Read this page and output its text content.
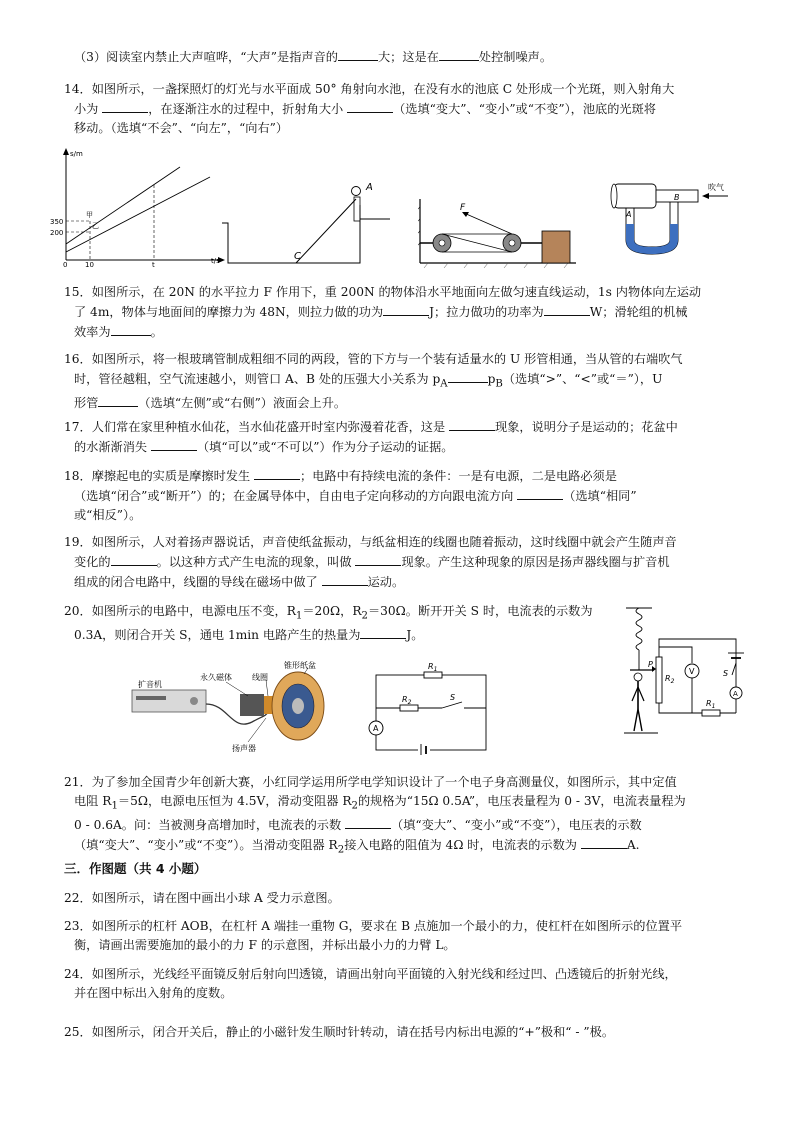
（3）阅读室内禁止大声喧哗，“大声”是指声音的	大；这是在	处控制噪声。
14．如图所示，一盏探照灯的灯光与水平面成 50° 角射向水池，在没有水的池底 C 处形成一个光斑，则入射角大
小为	，在逐渐注水的过程中，折射角大小	（选填“变大”、“变小”或“不变”），池底的光斑将
移动。（选填“不会”、“向左”，“向右”）
s/m
t/s
350
200
0	10	t
甲
乙
A
C
F
A
B
吹气
15．如图所示，在 20N 的水平拉力 F 作用下，重 200N 的物体沿水平地面向左做匀速直线运动，1s 内物体向左运动
了 4m，物体与地面间的摩擦力为 48N，则拉力做的功为	J；拉力做功的功率为	W；滑轮组的机械
效率为	。
16．如图所示，将一根玻璃管制成粗细不同的两段，管的下方与一个装有适量水的 U 形管相通，当从管的右端吹气
时，管径越粗，空气流速越小，则管口 A、B 处的压强大小关系为 $p_A$	$p_B$（选填“>”、“<”或“＝”），U
形管	（选填“左侧”或“右侧”）液面会上升。
17．人们常在家里种植水仙花，当水仙花盛开时室内弥漫着花香，这是	现象，说明分子是运动的；花盆中
的水渐渐消失	（填“可以”或“不可以”）作为分子运动的证据。
18．摩擦起电的实质是摩擦时发生	；电路中有持续电流的条件：一是有电源，二是电路必须是
（选填“闭合”或“断开”）的；在金属导体中，自由电子定向移动的方向跟电流方向	（选填“相同”
或“相反”）。
19．如图所示，人对着扬声器说话，声音使纸盆振动，与纸盆相连的线圈也随着振动，这时线圈中就会产生随声音
变化的	。以这种方式产生电流的现象，叫做	现象。产生这种现象的原因是扬声器线圈与扩音机
组成的闭合电路中，线圈的导线在磁场中做了	运动。
20．如图所示的电路中，电源电压不变，$R_1=20\Omega$，$R_2=30\Omega$。断开开关 S 时，电流表的示数为
0.3A，则闭合开关 S，通电 1min 电路产生的热量为	J。
扩音机
永久磁体	线圈
锥形纸盆
扬声器
$R_1$
$R_2$
S
A
P
$R_2$
V	S
A
$R_1$
21．为了参加全国青少年创新大赛，小红同学运用所学电学知识设计了一个电子身高测量仪，如图所示，其中定值
电阻 $R_1=5\Omega$，电源电压恒为 4.5V，滑动变阻器 $R_2$的规格为“15Ω 0.5A”，电压表量程为 0 - 3V，电流表量程为
0 - 0.6A。问：当被测身高增加时，电流表的示数	（填“变大”、“变小”或“不变”），电压表的示数
（填“变大”、“变小”或“不变”）。当滑动变阻器 $R_2$接入电路的阻值为 4Ω 时，电流表的示数为	A.
三．作图题（共 4 小题）
22．如图所示，请在图中画出小球 A 受力示意图。
23．如图所示的杠杆 AOB，在杠杆 A 端挂一重物 G，要求在 B 点施加一个最小的力，使杠杆在如图所示的位置平
衡，请画出需要施加的最小的力 F 的示意图，并标出最小力的力臂 L。
24．如图所示，光线经平面镜反射后射向凹透镜，请画出射向平面镜的入射光线和经过凹、凸透镜后的折射光线，
并在图中标出入射角的度数。
25．如图所示，闭合开关后，静止的小磁针发生顺时针转动，请在括号内标出电源的“+”极和“ - ”极。
